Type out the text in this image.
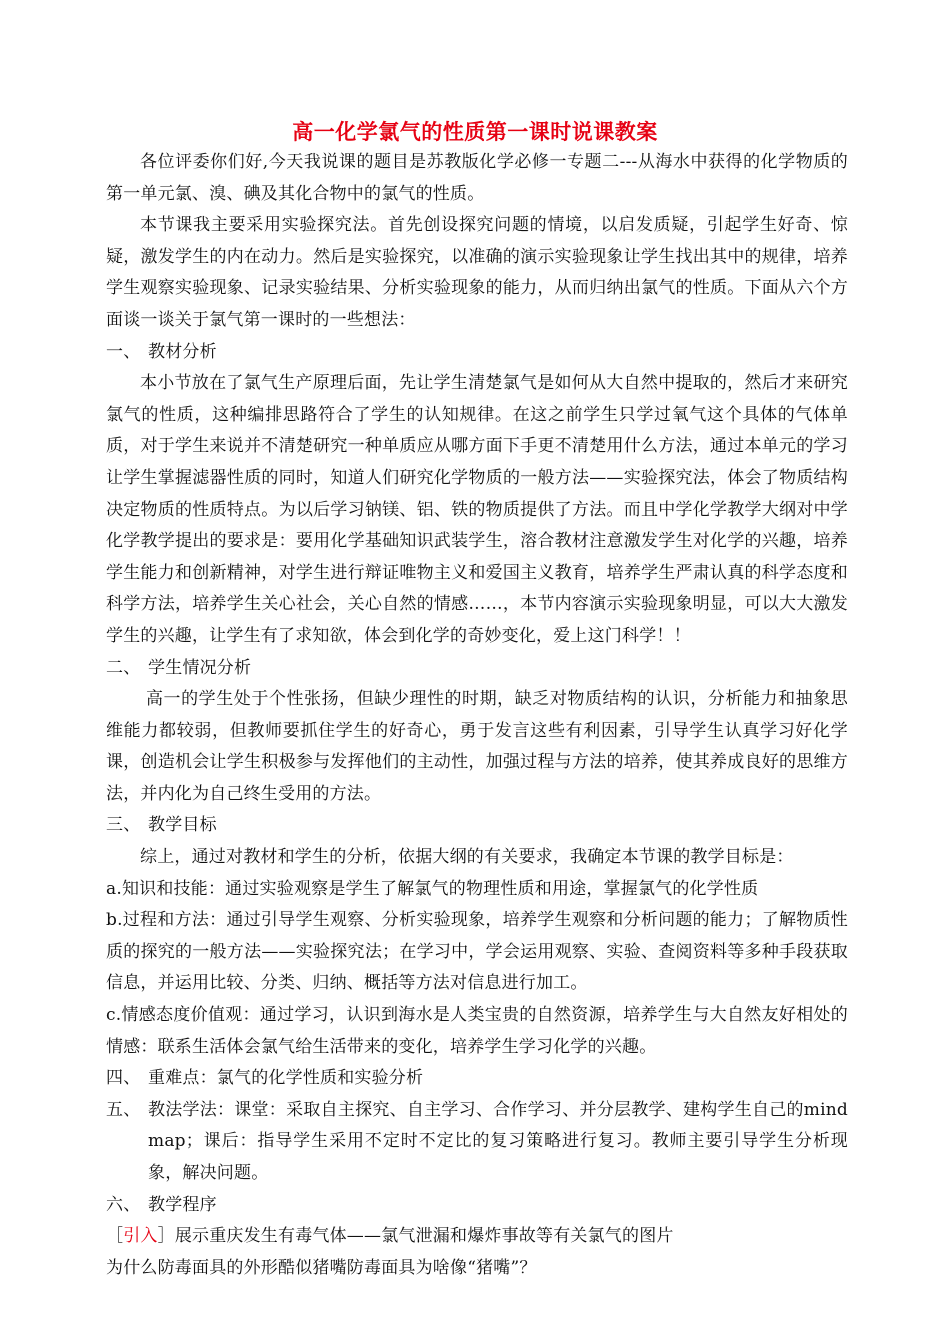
高一化学氯气的性质第一课时说课教案

各位评委你们好,今天我说课的题目是苏教版化学必修一专题二---从海水中获得的化学物质的第一单元氯、溴、碘及其化合物中的氯气的性质。

本节课我主要采用实验探究法。首先创设探究问题的情境，以启发质疑，引起学生好奇、惊疑，激发学生的内在动力。然后是实验探究，以准确的演示实验现象让学生找出其中的规律，培养学生观察实验现象、记录实验结果、分析实验现象的能力，从而归纳出氯气的性质。下面从六个方面谈一谈关于氯气第一课时的一些想法：

一、 教材分析

本小节放在了氯气生产原理后面，先让学生清楚氯气是如何从大自然中提取的，然后才来研究氯气的性质，这种编排思路符合了学生的认知规律。在这之前学生只学过氧气这个具体的气体单质，对于学生来说并不清楚研究一种单质应从哪方面下手更不清楚用什么方法，通过本单元的学习让学生掌握滤器性质的同时，知道人们研究化学物质的一般方法——实验探究法，体会了物质结构决定物质的性质特点。为以后学习钠镁、铝、铁的物质提供了方法。而且中学化学教学大纲对中学化学教学提出的要求是：要用化学基础知识武装学生，溶合教材注意激发学生对化学的兴趣，培养学生能力和创新精神，对学生进行辩证唯物主义和爱国主义教育，培养学生严肃认真的科学态度和科学方法，培养学生关心社会，关心自然的情感……，本节内容演示实验现象明显，可以大大激发学生的兴趣，让学生有了求知欲，体会到化学的奇妙变化，爱上这门科学！！

二、 学生情况分析

高一的学生处于个性张扬，但缺少理性的时期，缺乏对物质结构的认识，分析能力和抽象思维能力都较弱，但教师要抓住学生的好奇心，勇于发言这些有利因素，引导学生认真学习好化学课，创造机会让学生积极参与发挥他们的主动性，加强过程与方法的培养，使其养成良好的思维方法，并内化为自己终生受用的方法。

三、 教学目标

综上，通过对教材和学生的分析，依据大纲的有关要求，我确定本节课的教学目标是：

a.知识和技能：通过实验观察是学生了解氯气的物理性质和用途，掌握氯气的化学性质

b.过程和方法：通过引导学生观察、分析实验现象，培养学生观察和分析问题的能力；了解物质性质的探究的一般方法——实验探究法；在学习中，学会运用观察、实验、查阅资料等多种手段获取信息，并运用比较、分类、归纳、概括等方法对信息进行加工。

c.情感态度价值观：通过学习，认识到海水是人类宝贵的自然资源，培养学生与大自然友好相处的情感：联系生活体会氯气给生活带来的变化，培养学生学习化学的兴趣。

四、 重难点：氯气的化学性质和实验分析
五、 教法学法：课堂：采取自主探究、自主学习、合作学习、并分层教学、建构学生自己的mind map；课后：指导学生采用不定时不定比的复习策略进行复习。教师主要引导学生分析现象，解决问题。
六、 教学程序

［引入］展示重庆发生有毒气体——氯气泄漏和爆炸事故等有关氯气的图片

为什么防毒面具的外形酷似猪嘴防毒面具为啥像“猪嘴”？
